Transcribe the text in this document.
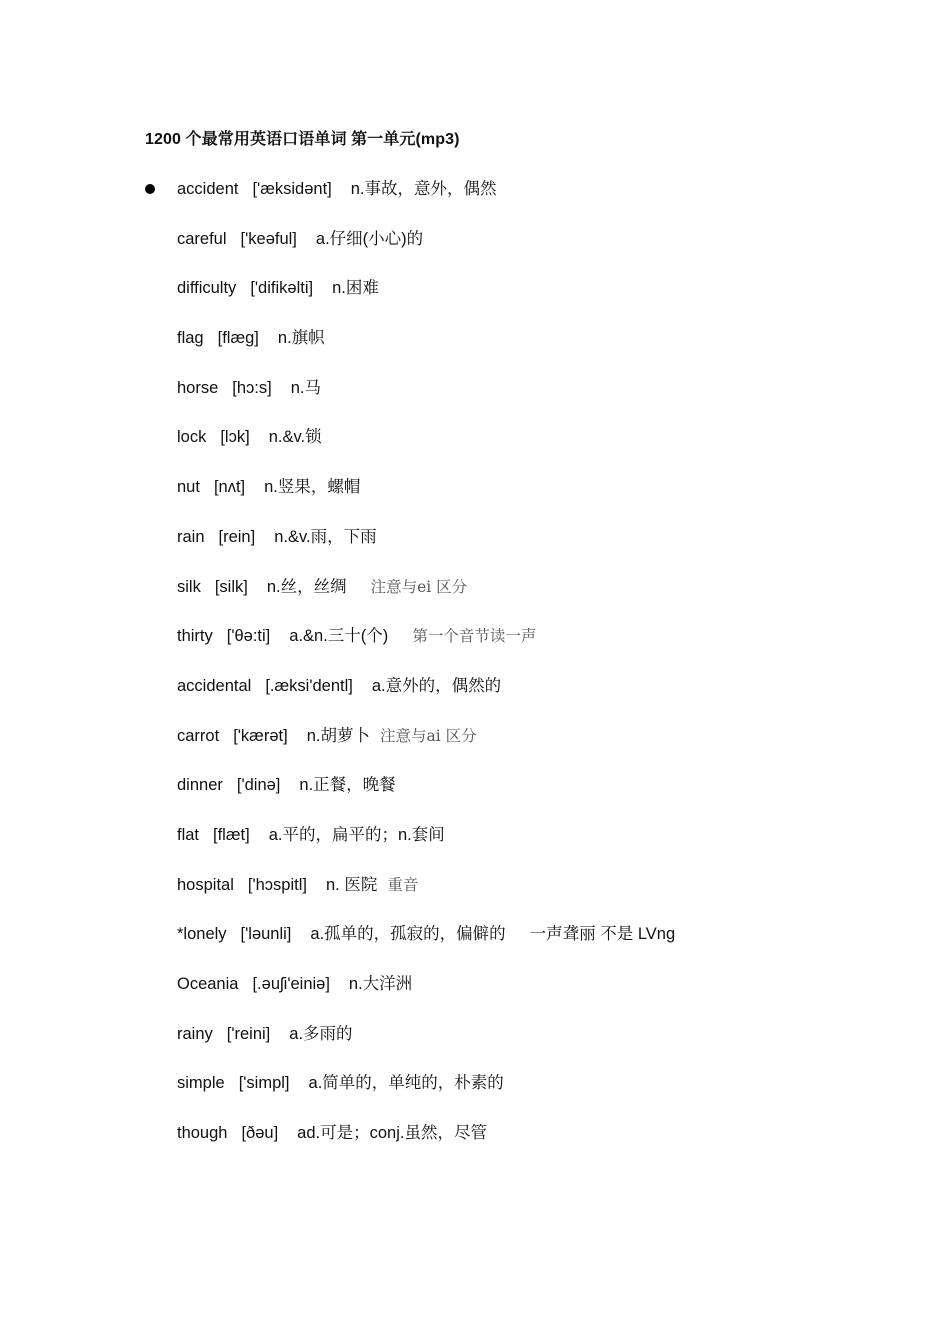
1200 个最常用英语口语单词 第一单元(mp3)
accident ['æksidənt] n.事故，意外，偶然
careful ['keəful] a.仔细(小心)的
difficulty ['difikəlti] n.困难
flag [flæg] n.旗帜
horse [hɔ:s] n.马
lock [lɔk] n.&v.锁
nut [nʌt] n.竖果，螺帽
rain [rein] n.&v.雨，下雨
silk [silk] n.丝，丝绸 注意与ei 区分
thirty ['θə:ti] a.&n.三十(个) 第一个音节读一声
accidental [.æksi'dentl] a.意外的，偶然的
carrot ['kærət] n.胡萝卜 注意与ai 区分
dinner ['dinə] n.正餐，晚餐
flat [flæt] a.平的，扁平的；n.套间
hospital ['hɔspitl] n. 医院 重音
*lonely ['ləunli] a.孤单的，孤寂的，偏僻的 一声聋丽 不是 LVng
Oceania [.əuʃi'einiə] n.大洋洲
rainy ['reini] a.多雨的
simple ['simpl] a.简单的，单纯的，朴素的
though [ðəu] ad.可是；conj.虽然，尽管
